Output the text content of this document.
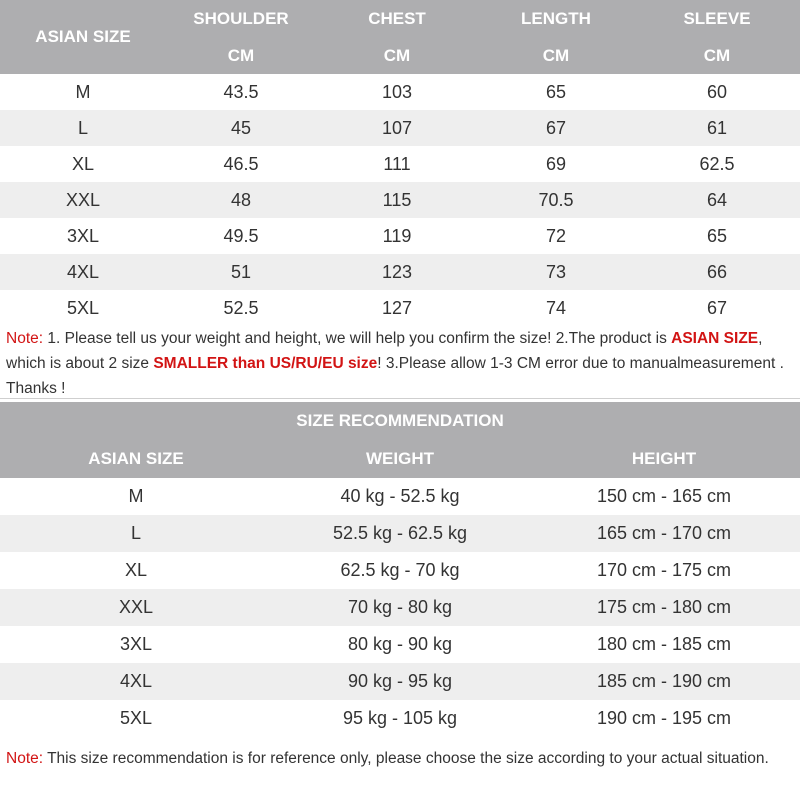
ASIAN SIZE	SHOULDER	CHEST	LENGTH	SLEEVE
	CM	CM	CM	CM
M	43.5	103	65	60
L	45	107	67	61
XL	46.5	111	69	62.5
XXL	48	115	70.5	64
3XL	49.5	119	72	65
4XL	51	123	73	66
5XL	52.5	127	74	67
Note: 1. Please tell us your weight and height, we will help you confirm the size! 2.The product is ASIAN SIZE, which is about 2 size SMALLER than US/RU/EU size! 3.Please allow 1-3 CM error due to manualmeasurement . Thanks !
SIZE RECOMMENDATION		
ASIAN SIZE	WEIGHT	HEIGHT
M	40 kg - 52.5 kg	150 cm - 165 cm
L	52.5 kg - 62.5 kg	165 cm - 170 cm
XL	62.5 kg - 70 kg	170 cm - 175 cm
XXL	70 kg - 80 kg	175 cm - 180 cm
3XL	80 kg - 90 kg	180 cm - 185 cm
4XL	90 kg - 95 kg	185 cm - 190 cm
5XL	95 kg - 105 kg	190 cm - 195 cm
Note: This size recommendation is for reference only, please choose the size according to your actual situation.
